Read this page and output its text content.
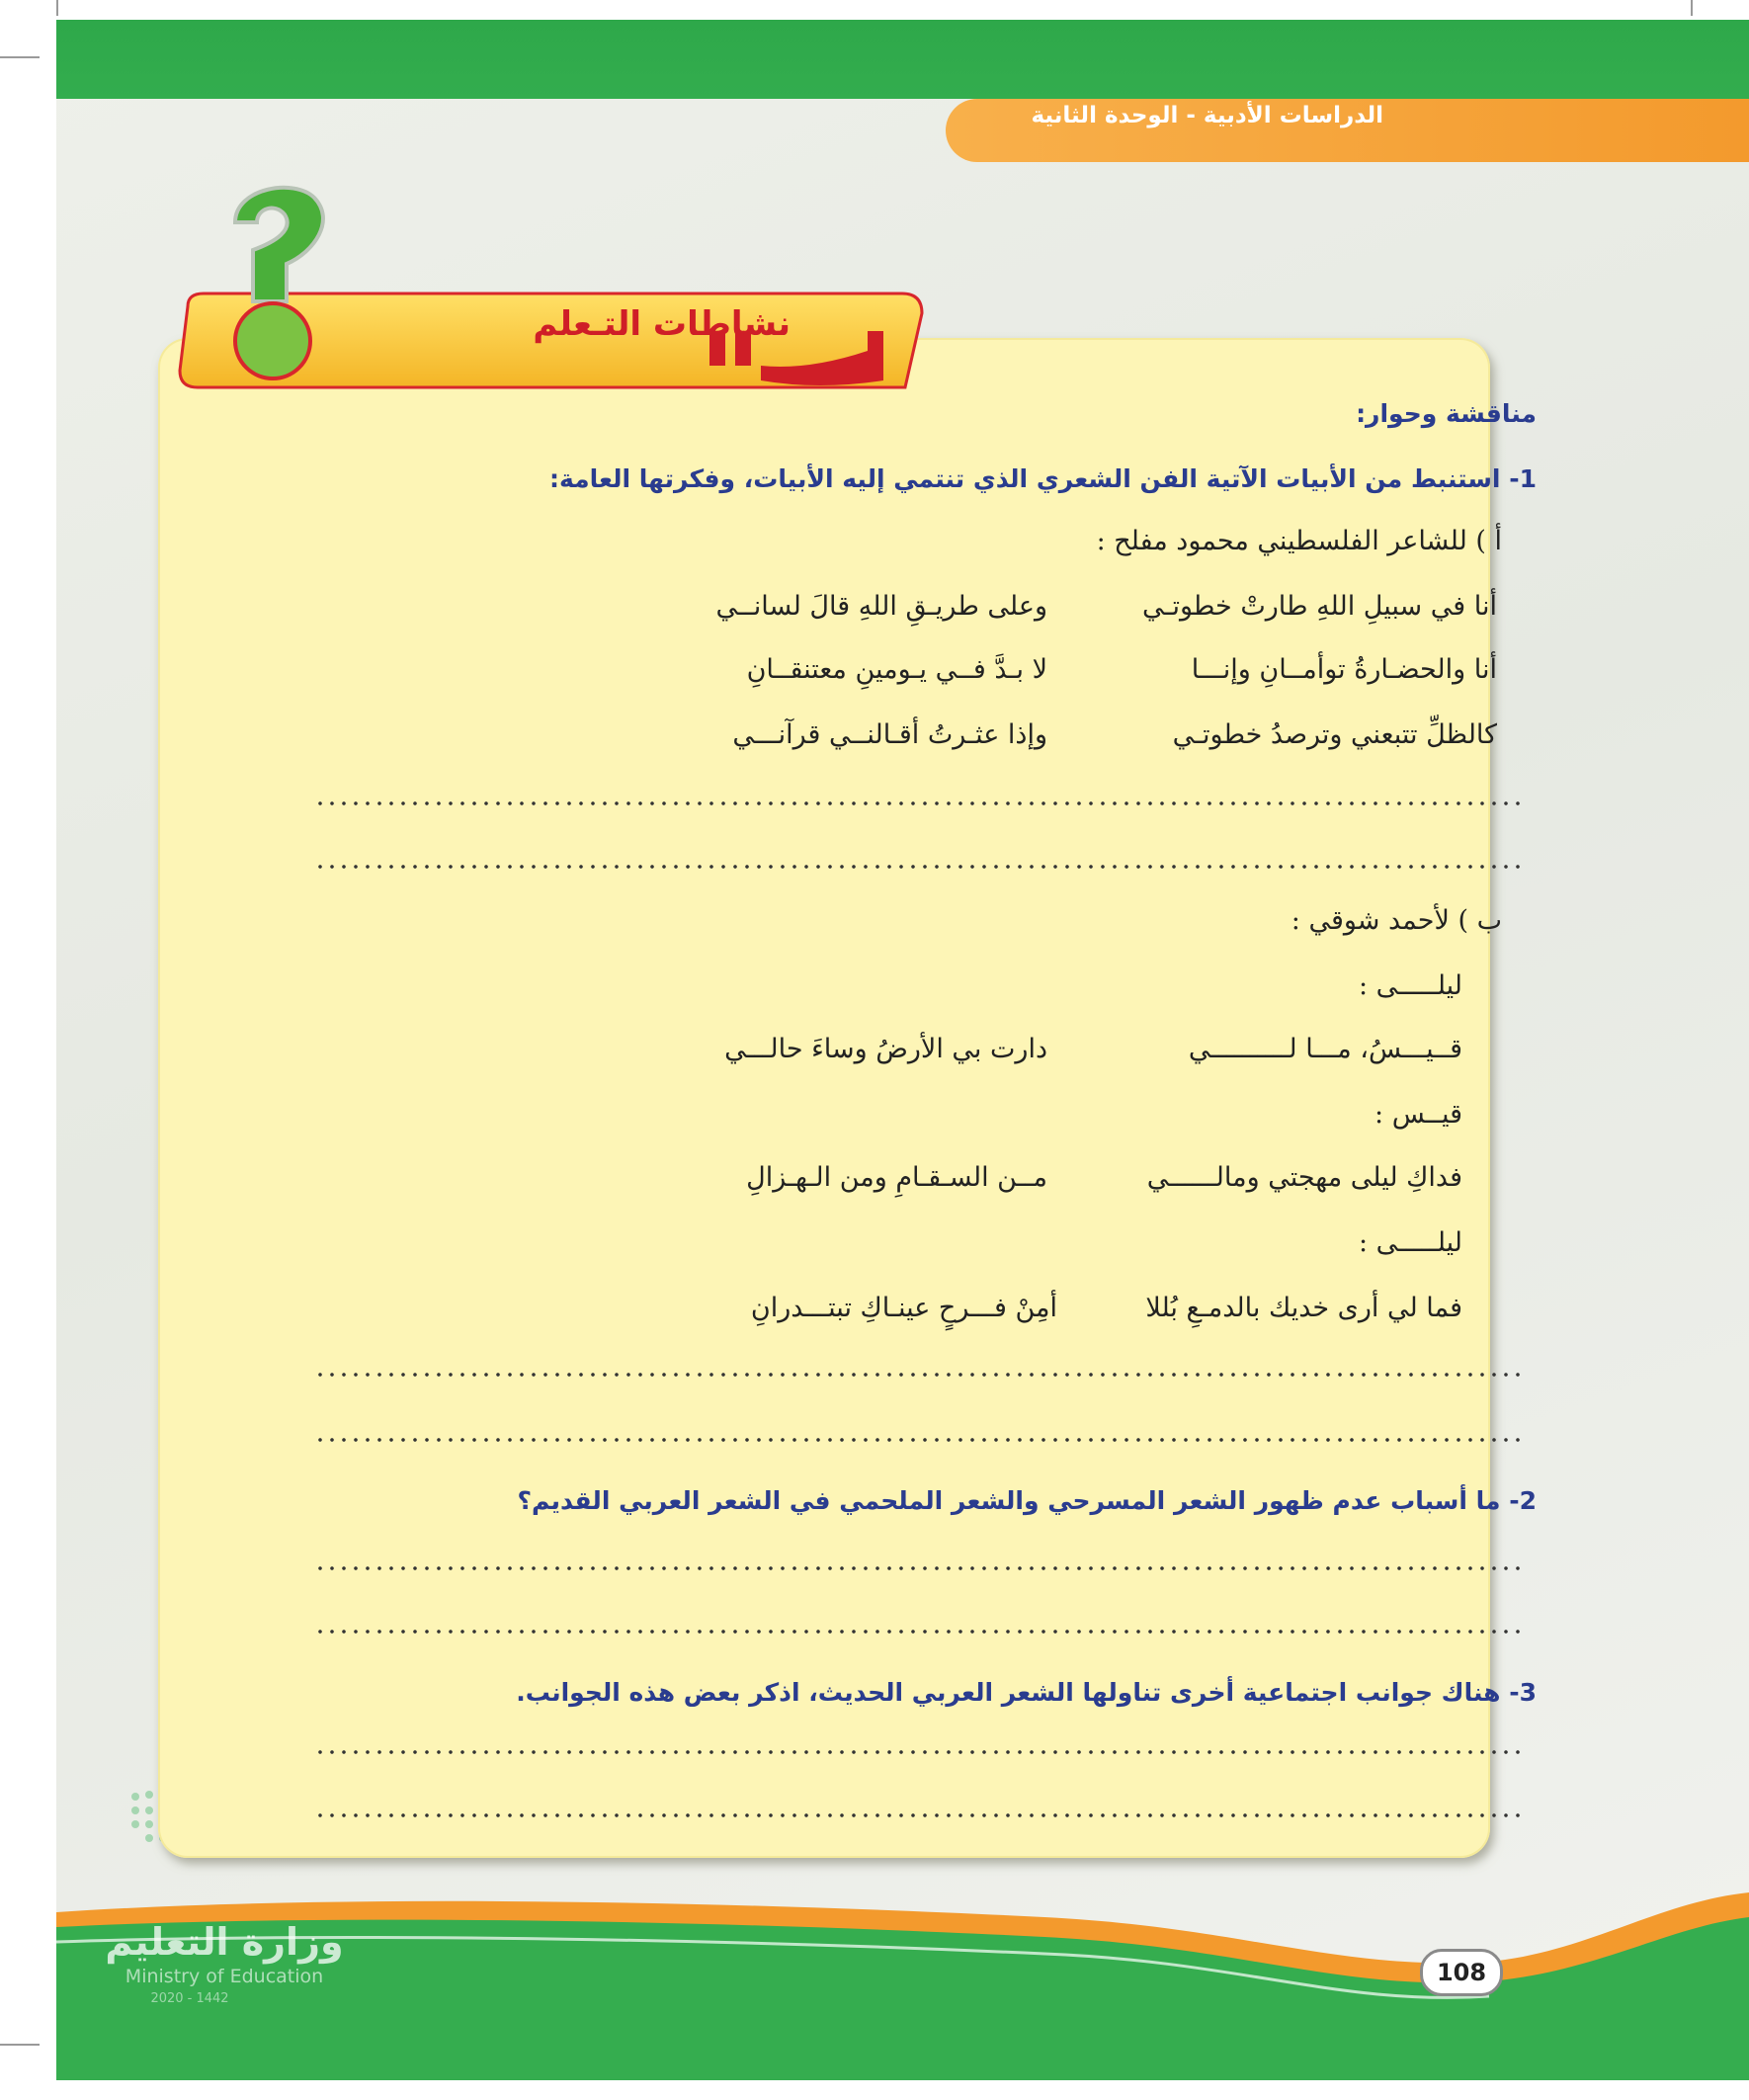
وزارة التعليم
Ministry of Education
2020 - 1442
108
الدراسات الأدبية - الوحدة الثانية
نشاطات التـعلم
مناقشة وحوار:
1- استنبط من الأبيات الآتية الفن الشعري الذي تنتمي إليه الأبيات، وفكرتها العامة:
أ ) للشاعر الفلسطيني محمود مفلح :
أنا في سبيلِ اللهِ طارتْ خطوتـي
وعلى طريـقِ اللهِ قالَ لسانــي
أنا والحضـارةُ توأمــانِ وإنـــا
لا بـدَّ فــي يـومينِ معتنقــانِ
كالظلِّ تتبعني وترصدُ خطوتـي
وإذا عثـرتُ أقـالنــي قرآنـــي
ب ) لأحمد شوقي :
ليلـــــى :
قــيـــسُ، مـــا لــــــــــي
دارت بي الأرضُ وساءَ حالـــي
قيــس :
فداكِ ليلى مهجتي ومالــــــي
مــن السـقـامِ ومن الـهـزالِ
ليلـــــى :
فما لي أرى خديك بالدمـعِ بُللا
أمِنْ فـــرحٍ عينـاكِ تبتـــدرانِ
2- ما أسباب عدم ظهور الشعر المسرحي والشعر الملحمي في الشعر العربي القديم؟
3- هناك جوانب اجتماعية أخرى تناولها الشعر العربي الحديث، اذكر بعض هذه الجوانب.
